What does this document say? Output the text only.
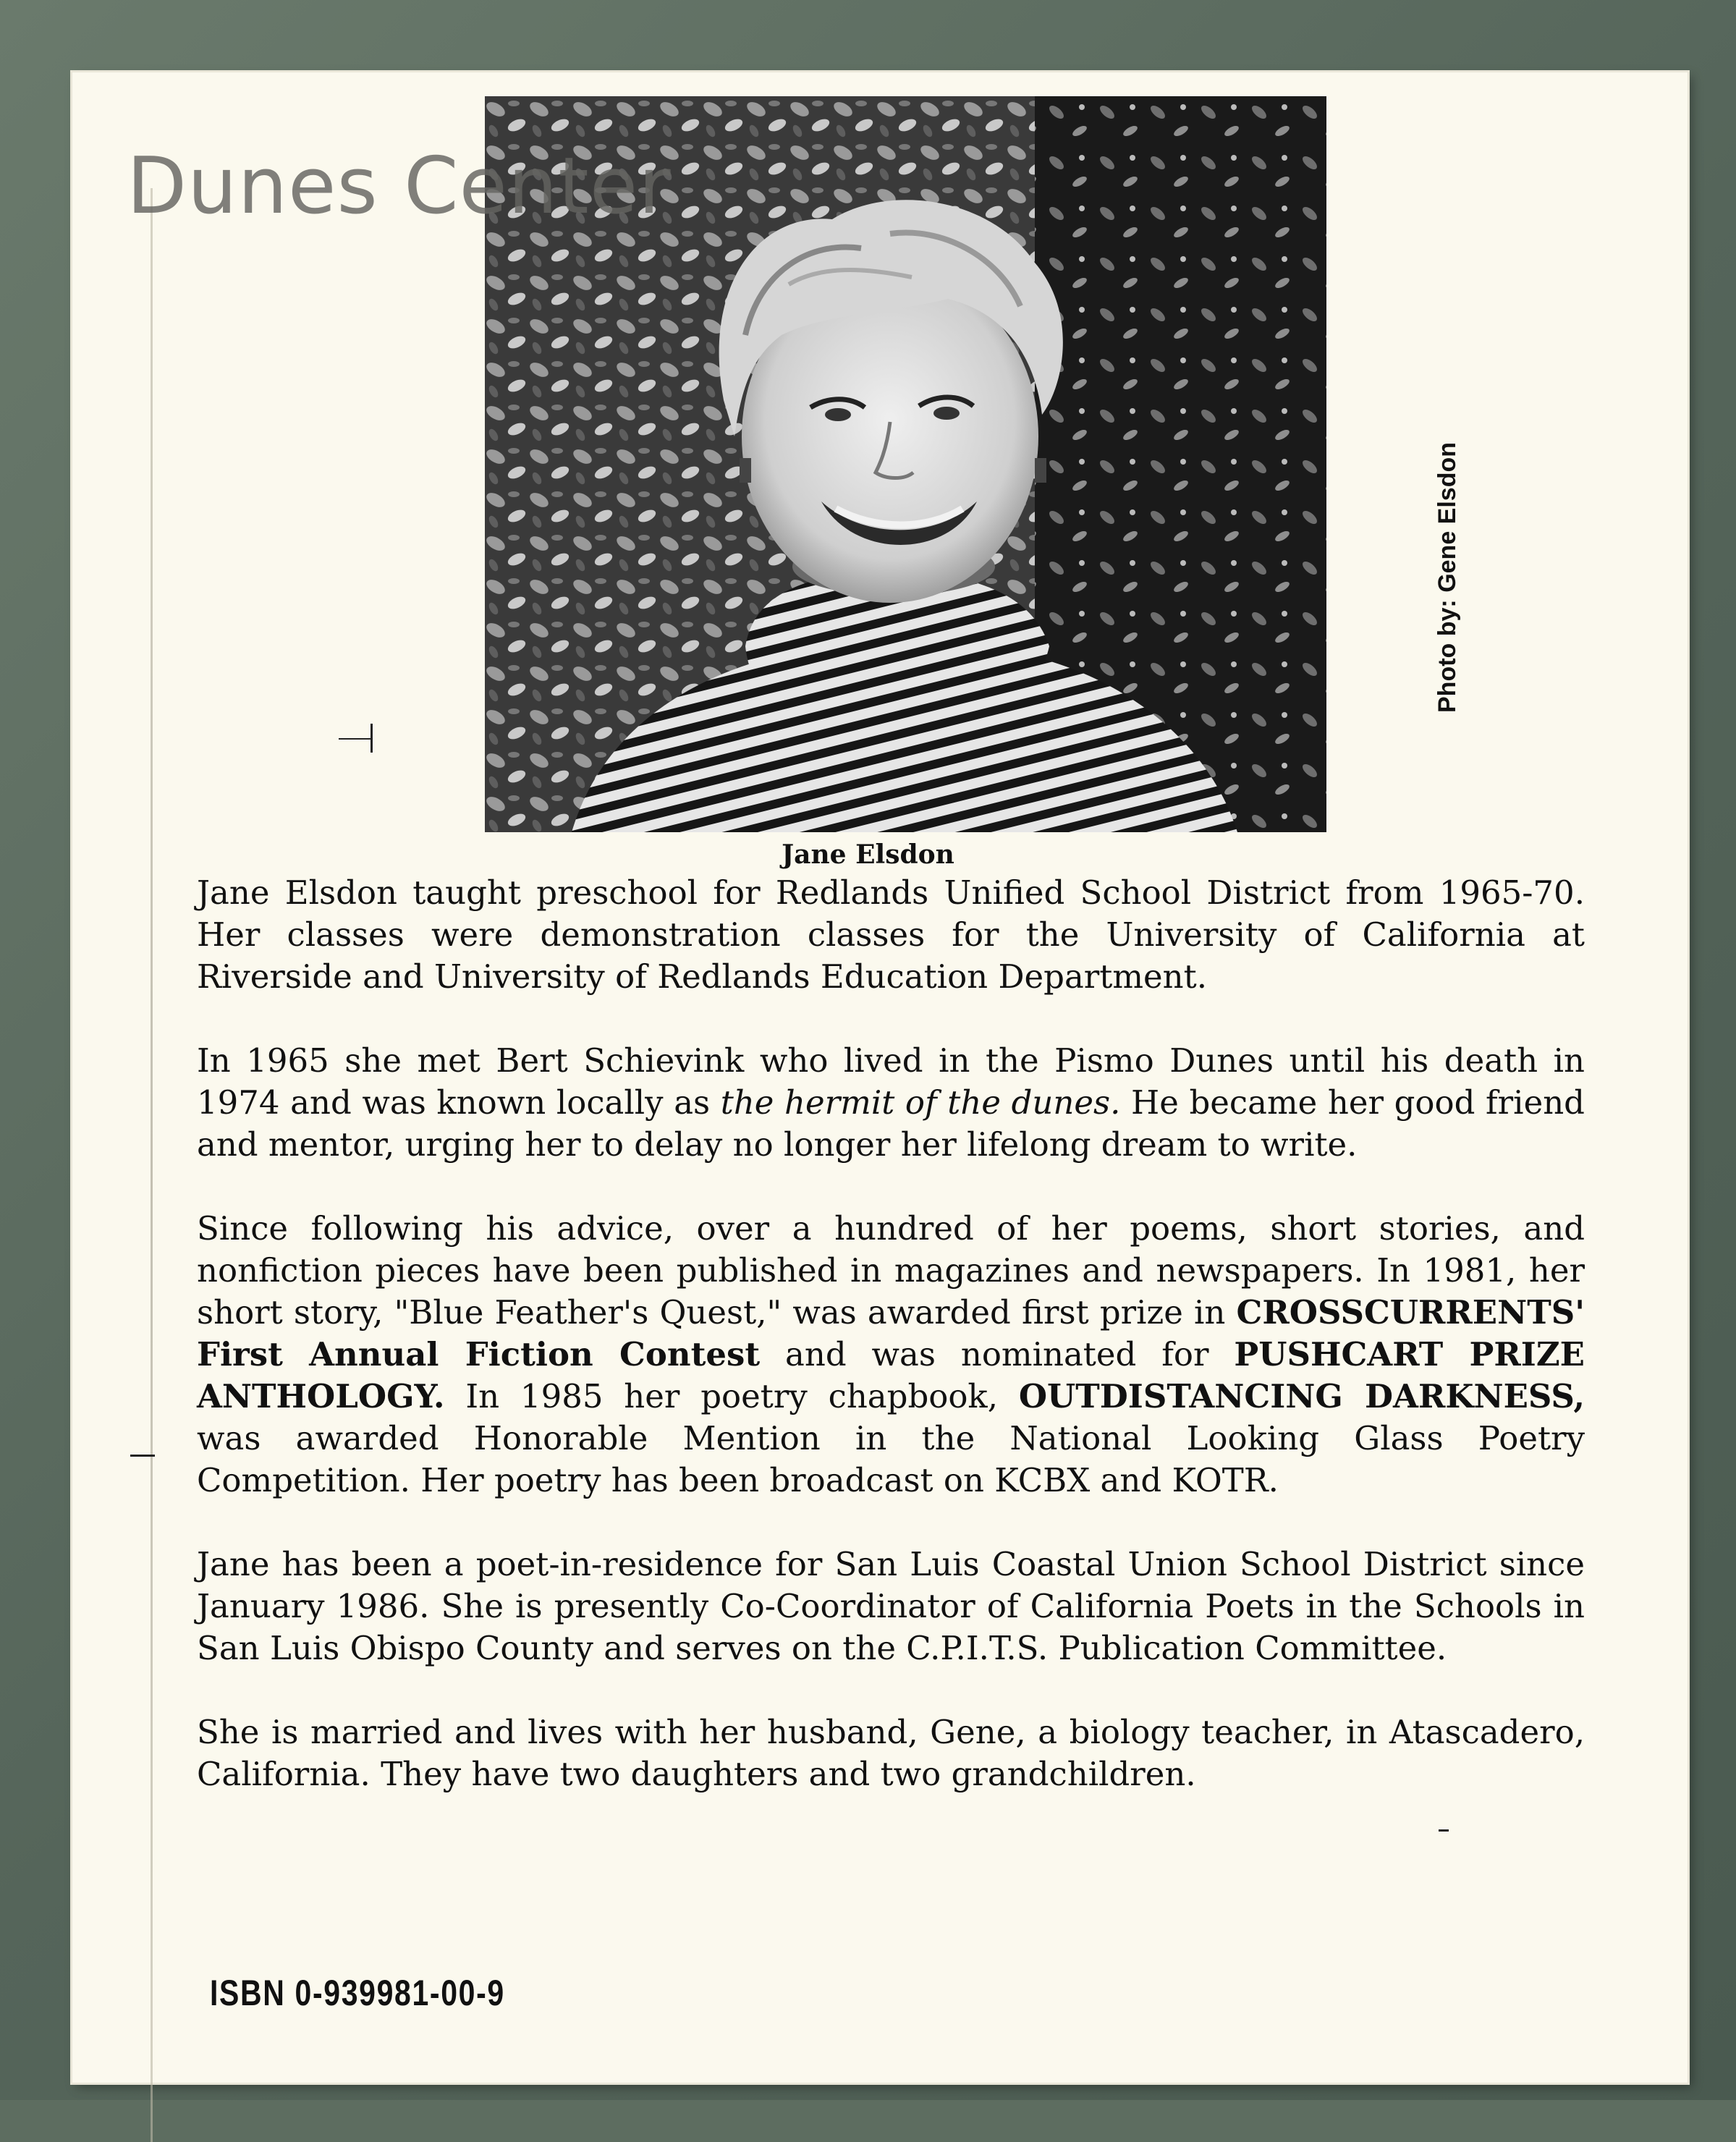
Photo by: Gene Elsdon
Dunes Center
Jane Elsdon

Jane Elsdon taught preschool for Redlands Unified School District from 1965-70. Her classes were demonstration classes for the University of California at Riverside and University of Redlands Education Department.

In 1965 she met Bert Schievink who lived in the Pismo Dunes until his death in 1974 and was known locally as the hermit of the dunes. He became her good friend and mentor, urging her to delay no longer her lifelong dream to write.

Since following his advice, over a hundred of her poems, short stories, and nonfiction pieces have been published in magazines and newspapers. In 1981, her short story, "Blue Feather's Quest," was awarded first prize in CROSSCURRENTS' First Annual Fiction Contest and was nominated for PUSHCART PRIZE ANTHOLOGY. In 1985 her poetry chapbook, OUTDISTANCING DARKNESS, was awarded Honorable Mention in the National Looking Glass Poetry Competition. Her poetry has been broadcast on KCBX and KOTR.

Jane has been a poet-in-residence for San Luis Coastal Union School District since January 1986. She is presently Co-Coordinator of California Poets in the Schools in San Luis Obispo County and serves on the C.P.I.T.S. Publication Committee.

She is married and lives with her husband, Gene, a biology teacher, in Atascadero, California. They have two daughters and two grandchildren.

ISBN 0-939981-00-9
